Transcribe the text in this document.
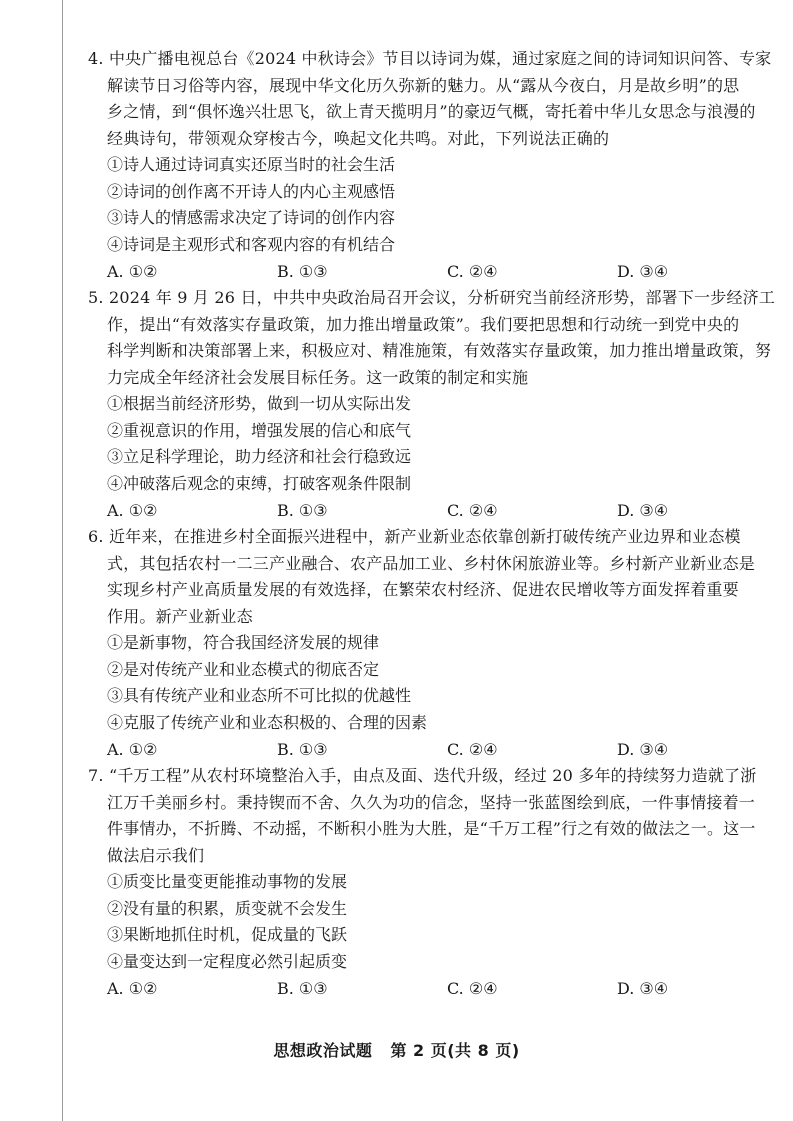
4. 中央广播电视总台《2024 中秋诗会》节目以诗词为媒，通过家庭之间的诗词知识问答、专家
解读节日习俗等内容，展现中华文化历久弥新的魅力。从“露从今夜白，月是故乡明”的思
乡之情，到“俱怀逸兴壮思飞，欲上青天揽明月”的豪迈气概，寄托着中华儿女思念与浪漫的
经典诗句，带领观众穿梭古今，唤起文化共鸣。对此，下列说法正确的
①诗人通过诗词真实还原当时的社会生活
②诗词的创作离不开诗人的内心主观感悟
③诗人的情感需求决定了诗词的创作内容
④诗词是主观形式和客观内容的有机结合
A. ①②	B. ①③	C. ②④	D. ③④
5. 2024 年 9 月 26 日，中共中央政治局召开会议，分析研究当前经济形势，部署下一步经济工
作，提出“有效落实存量政策，加力推出增量政策”。我们要把思想和行动统一到党中央的
科学判断和决策部署上来，积极应对、精准施策，有效落实存量政策，加力推出增量政策，努
力完成全年经济社会发展目标任务。这一政策的制定和实施
①根据当前经济形势，做到一切从实际出发
②重视意识的作用，增强发展的信心和底气
③立足科学理论，助力经济和社会行稳致远
④冲破落后观念的束缚，打破客观条件限制
A. ①②	B. ①③	C. ②④	D. ③④
6. 近年来，在推进乡村全面振兴进程中，新产业新业态依靠创新打破传统产业边界和业态模
式，其包括农村一二三产业融合、农产品加工业、乡村休闲旅游业等。乡村新产业新业态是
实现乡村产业高质量发展的有效选择，在繁荣农村经济、促进农民增收等方面发挥着重要
作用。新产业新业态
①是新事物，符合我国经济发展的规律
②是对传统产业和业态模式的彻底否定
③具有传统产业和业态所不可比拟的优越性
④克服了传统产业和业态积极的、合理的因素
A. ①②	B. ①③	C. ②④	D. ③④
7. “千万工程”从农村环境整治入手，由点及面、迭代升级，经过 20 多年的持续努力造就了浙
江万千美丽乡村。秉持锲而不舍、久久为功的信念，坚持一张蓝图绘到底，一件事情接着一
件事情办，不折腾、不动摇，不断积小胜为大胜，是“千万工程”行之有效的做法之一。这一
做法启示我们
①质变比量变更能推动事物的发展
②没有量的积累，质变就不会发生
③果断地抓住时机，促成量的飞跃
④量变达到一定程度必然引起质变
A. ①②	B. ①③	C. ②④	D. ③④
思想政治试题 第 2 页(共 8 页)
